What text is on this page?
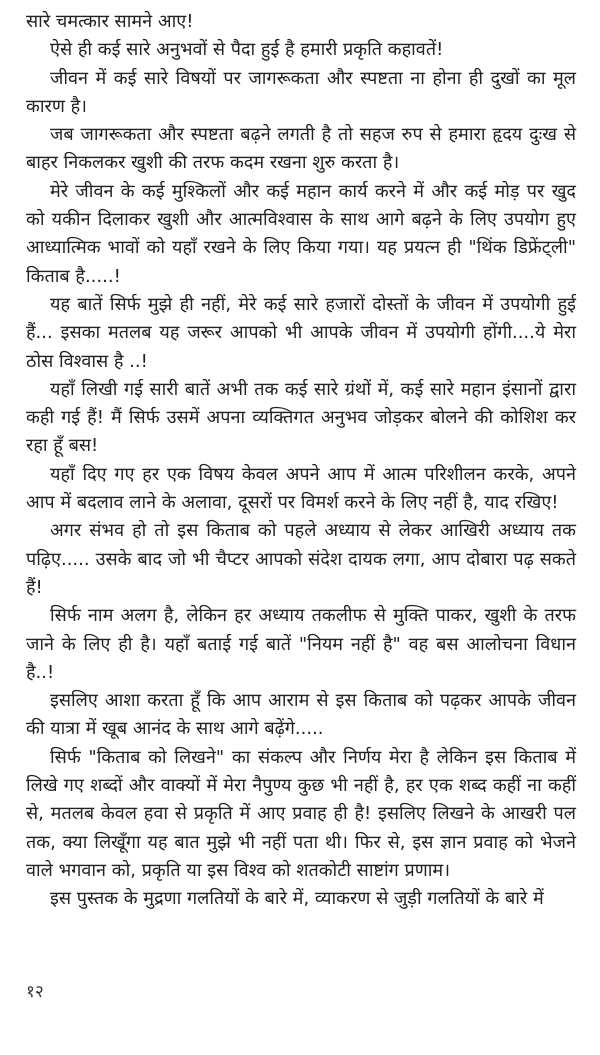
सारे चमत्कार सामने आए!

ऐसे ही कई सारे अनुभवों से पैदा हुई है हमारी प्रकृति कहावतें!

जीवन में कई सारे विषयों पर जागरूकता और स्पष्टता ना होना ही दुखों का मूल कारण है।

जब जागरूकता और स्पष्टता बढ़ने लगती है तो सहज रुप से हमारा हृदय दुःख से बाहर निकलकर खुशी की तरफ कदम रखना शुरु करता है।

मेरे जीवन के कई मुश्किलों और कई महान कार्य करने में और कई मोड़ पर खुद को यकीन दिलाकर खुशी और आत्मविश्वास के साथ आगे बढ़ने के लिए उपयोग हुए आध्यात्मिक भावों को यहाँ रखने के लिए किया गया। यह प्रयत्न ही "थिंक डिफ्रेंट्ली" किताब है.....!

यह बातें सिर्फ मुझे ही नहीं, मेरे कई सारे हजारों दोस्तों के जीवन में उपयोगी हुई हैं... इसका मतलब यह जरूर आपको भी आपके जीवन में उपयोगी होंगी....ये मेरा ठोस विश्वास है ..!

यहाँ लिखी गई सारी बातें अभी तक कई सारे ग्रंथों में, कई सारे महान इंसानों द्वारा कही गई हैं! मैं सिर्फ उसमें अपना व्यक्तिगत अनुभव जोड़कर बोलने की कोशिश कर रहा हूँ बस!

यहाँ दिए गए हर एक विषय केवल अपने आप में आत्म परिशीलन करके, अपने आप में बदलाव लाने के अलावा, दूसरों पर विमर्श करने के लिए नहीं है, याद रखिए!

अगर संभव हो तो इस किताब को पहले अध्याय से लेकर आखिरी अध्याय तक पढ़िए..... उसके बाद जो भी चैप्टर आपको संदेश दायक लगा, आप दोबारा पढ़ सकते हैं!

सिर्फ नाम अलग है, लेकिन हर अध्याय तकलीफ से मुक्ति पाकर, खुशी के तरफ जाने के लिए ही है। यहाँ बताई गई बातें "नियम नहीं है" वह बस आलोचना विधान है..!

इसलिए आशा करता हूँ कि आप आराम से इस किताब को पढ़कर आपके जीवन की यात्रा में खूब आनंद के साथ आगे बढ़ेंगे.....

सिर्फ "किताब को लिखने" का संकल्प और निर्णय मेरा है लेकिन इस किताब में लिखे गए शब्दों और वाक्यों में मेरा नैपुण्य कुछ भी नहीं है, हर एक शब्द कहीं ना कहीं से, मतलब केवल हवा से प्रकृति में आए प्रवाह ही है! इसलिए लिखने के आखरी पल तक, क्या लिखूँगा यह बात मुझे भी नहीं पता थी। फिर से, इस ज्ञान प्रवाह को भेजने वाले भगवान को, प्रकृति या इस विश्व को शतकोटी साष्टांग प्रणाम।

इस पुस्तक के मुद्रणा गलतियों के बारे में, व्याकरण से जुड़ी गलतियों के बारे में

१२
